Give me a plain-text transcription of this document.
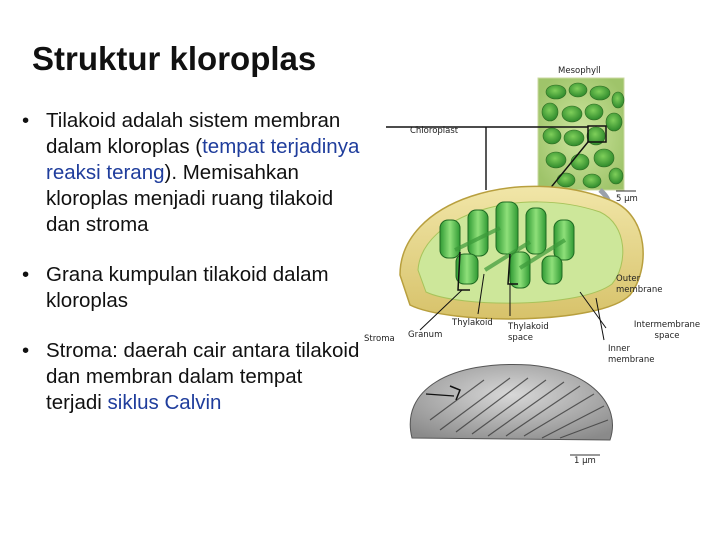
Struktur kloroplas
• Tilakoid adalah sistem membran dalam kloroplas (tempat terjadinya reaksi terang). Memisahkan kloroplas menjadi ruang tilakoid dan stroma
• Grana kumpulan tilakoid dalam kloroplas
• Stroma: daerah cair antara tilakoid dan membran dalam tempat terjadi siklus Calvin
Mesophyll
Chloroplast
5 µm
Outer membrane
Thylakoid Thylakoid space
Intermembrane space
Inner membrane
Stroma Granum
1 µm
